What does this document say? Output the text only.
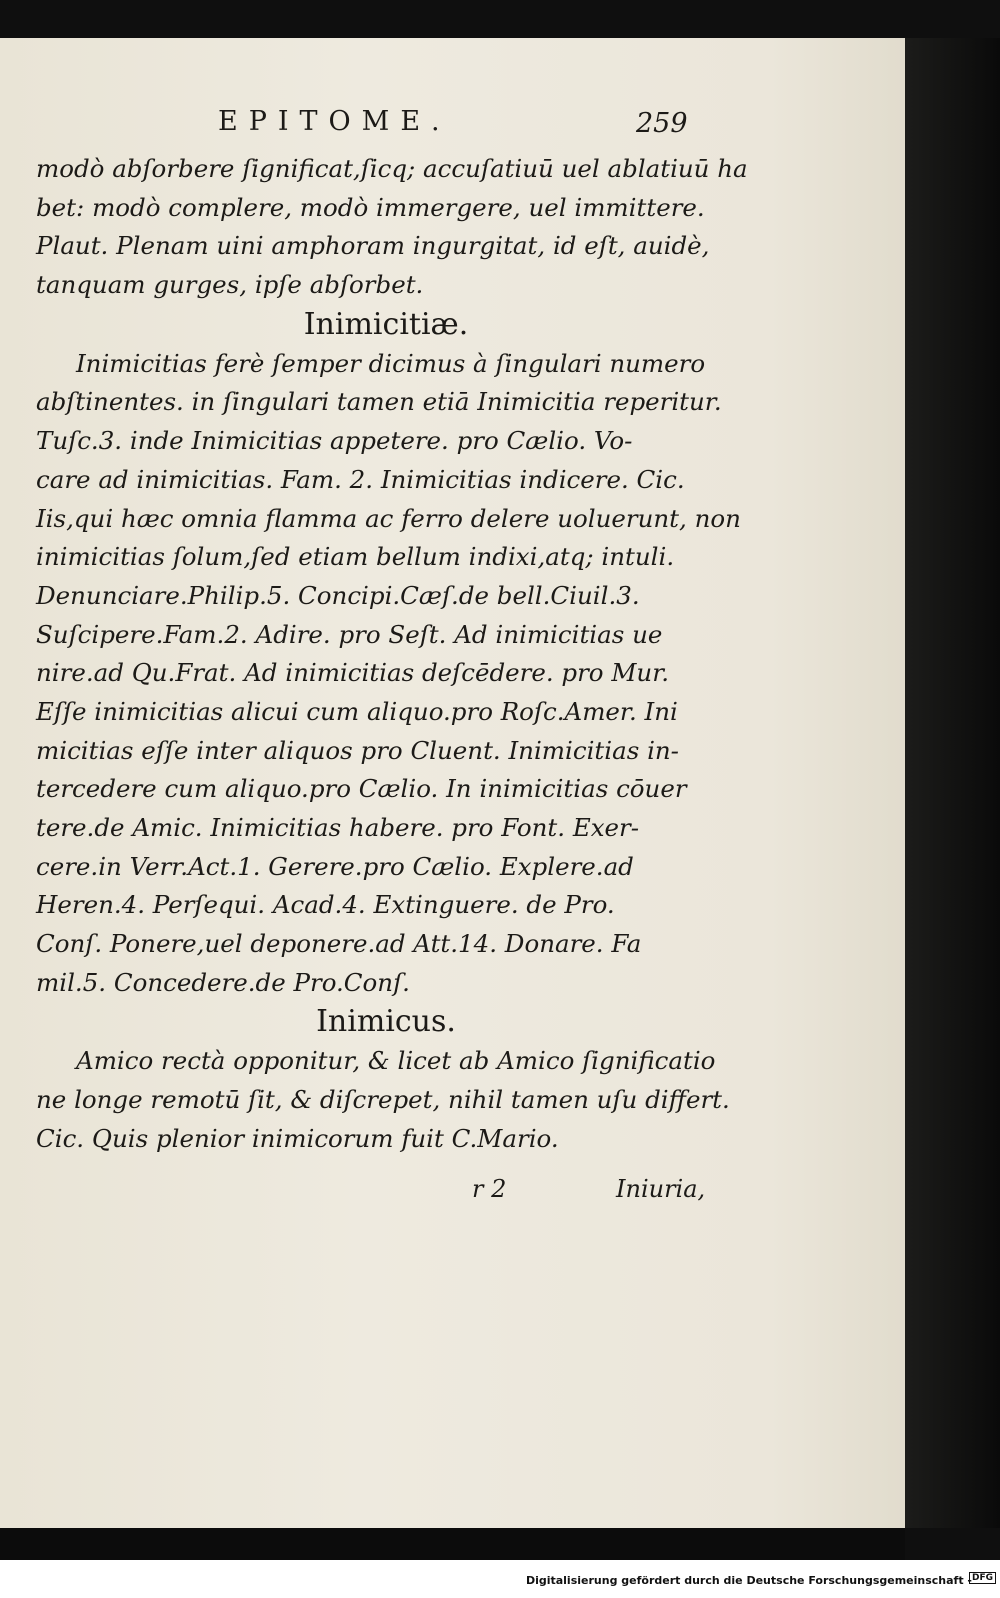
EPITOME.	259
modò abſorbere ſignificat,ſicq; accuſatiuū uel ablatiuū ha
bet: modò complere, modò immergere, uel immittere.
Plaut. Plenam uini amphoram ingurgitat, id eſt, auidè,
tanquam gurges, ipſe abſorbet.
Inimicitiæ.
Inimicitias ferè ſemper dicimus à ſingulari numero
abſtinentes. in ſingulari tamen etiā Inimicitia reperitur.
Tuſc.3. inde Inimicitias appetere. pro Cælio. Vo-
care ad inimicitias. Fam. 2. Inimicitias indicere. Cic.
Iis,qui hæc omnia flamma ac ferro delere uoluerunt, non
inimicitias ſolum,ſed etiam bellum indixi,atq; intuli.
Denunciare.Philip.5. Concipi.Cæſ.de bell.Ciuil.3.
Suſcipere.Fam.2. Adire. pro Seſt. Ad inimicitias ue
nire.ad Qu.Frat. Ad inimicitias deſcēdere. pro Mur.
Eſſe inimicitias alicui cum aliquo.pro Roſc.Amer. Ini
micitias eſſe inter aliquos pro Cluent. Inimicitias in-
tercedere cum aliquo.pro Cælio. In inimicitias cōuer
tere.de Amic. Inimicitias habere. pro Font. Exer-
cere.in Verr.Act.1. Gerere.pro Cælio. Explere.ad
Heren.4. Perſequi. Acad.4. Extinguere. de Pro.
Conſ. Ponere,uel deponere.ad Att.14. Donare. Fa
mil.5. Concedere.de Pro.Conſ.
Inimicus.
Amico rectà opponitur, & licet ab Amico ſignificatio
ne longe remotū ſit, & diſcrepet, nihil tamen uſu differt.
Cic. Quis plenior inimicorum fuit C.Mario.
r 2	Iniuria,
Digitalisierung gefördert durch die Deutsche Forschungsgemeinschaft - DFG
